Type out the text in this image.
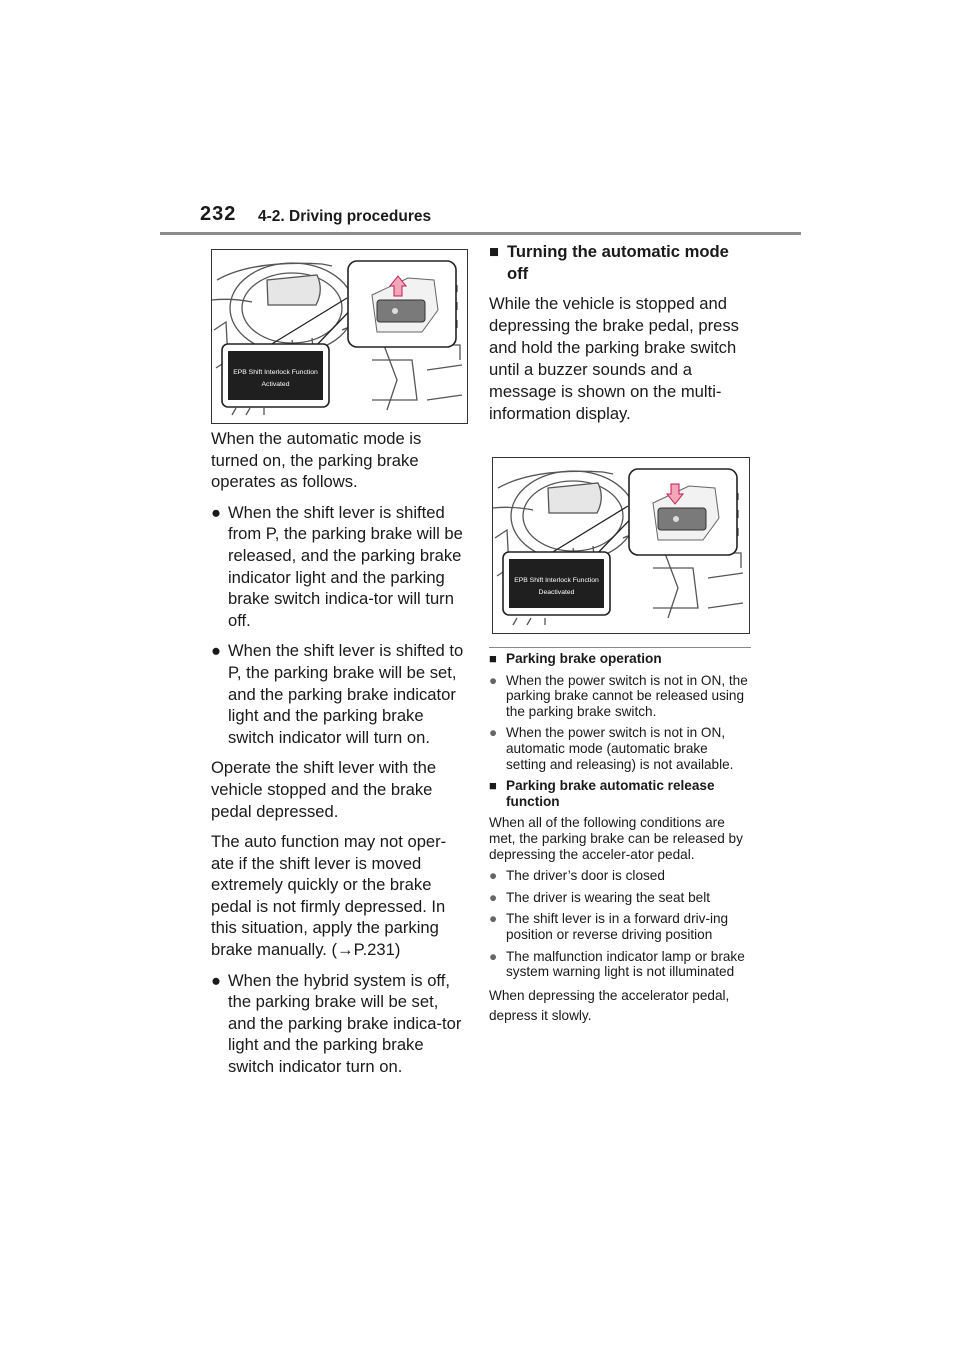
232 4-2. Driving procedures
EPB Shift Interlock Function
Activated

When the automatic mode is turned on, the parking brake operates as follows.

● When the shift lever is shifted from P, the parking brake will be released, and the parking brake indicator light and the parking brake switch indica-tor will turn off.
● When the shift lever is shifted to P, the parking brake will be set, and the parking brake indicator light and the parking brake switch indicator will turn on.

Operate the shift lever with the vehicle stopped and the brake pedal depressed.

The auto function may not oper-ate if the shift lever is moved extremely quickly or the brake pedal is not firmly depressed. In this situation, apply the parking brake manually. (→P.231)

● When the hybrid system is off, the parking brake will be set, and the parking brake indica-tor light and the parking brake switch indicator turn on.
■ Turning the automatic mode off

While the vehicle is stopped and depressing the brake pedal, press and hold the parking brake switch until a buzzer sounds and a message is shown on the multi-information display.

EPB Shift Interlock Function
Deactivated
■ Parking brake operation
● When the power switch is not in ON, the parking brake cannot be released using the parking brake switch.
● When the power switch is not in ON, automatic mode (automatic brake setting and releasing) is not available.
■ Parking brake automatic release function

When all of the following conditions are met, the parking brake can be released by depressing the acceler-ator pedal.

● The driver’s door is closed
● The driver is wearing the seat belt
● The shift lever is in a forward driv-ing position or reverse driving position
● The malfunction indicator lamp or brake system warning light is not illuminated

When depressing the accelerator pedal, depress it slowly.
